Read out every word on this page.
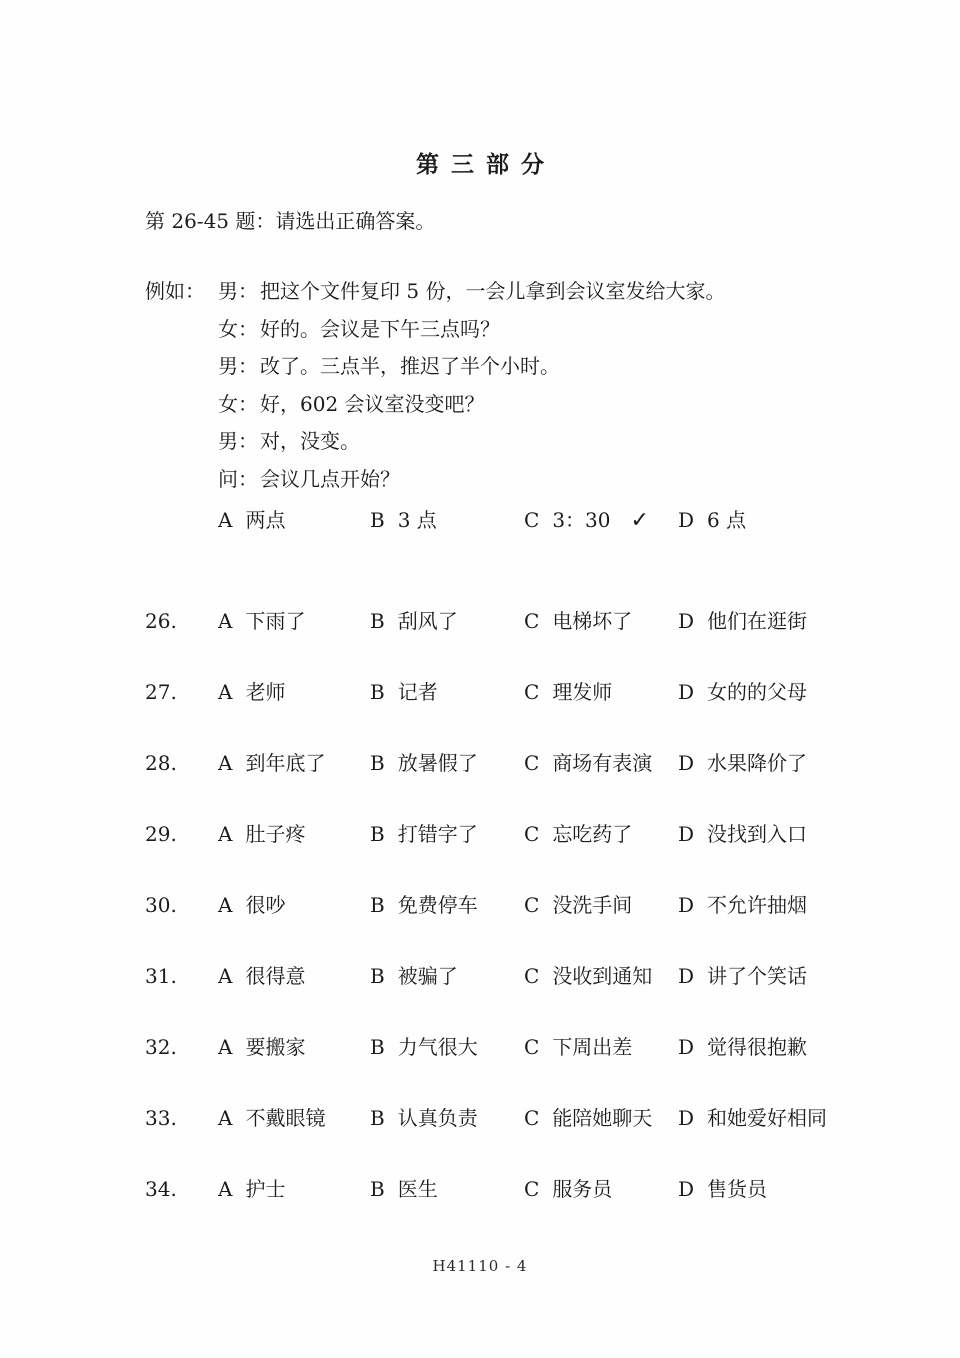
第三部分
第 26-45 题：请选出正确答案。
例如： 男： 把这个文件复印 5 份，一会儿拿到会议室发给大家。
女： 好的。会议是下午三点吗？
男： 改了。三点半，推迟了半个小时。
女： 好，602 会议室没变吧？
男： 对，没变。
问： 会议几点开始？
A 两点	B 3 点	C 3：30 ✓	D 6 点
26.	A 下雨了	B 刮风了	C 电梯坏了	D 他们在逛街
27.	A 老师	B 记者	C 理发师	D 女的的父母
28.	A 到年底了	B 放暑假了	C 商场有表演	D 水果降价了
29.	A 肚子疼	B 打错字了	C 忘吃药了	D 没找到入口
30.	A 很吵	B 免费停车	C 没洗手间	D 不允许抽烟
31.	A 很得意	B 被骗了	C 没收到通知	D 讲了个笑话
32.	A 要搬家	B 力气很大	C 下周出差	D 觉得很抱歉
33.	A 不戴眼镜	B 认真负责	C 能陪她聊天	D 和她爱好相同
34.	A 护士	B 医生	C 服务员	D 售货员
H41110 - 4
